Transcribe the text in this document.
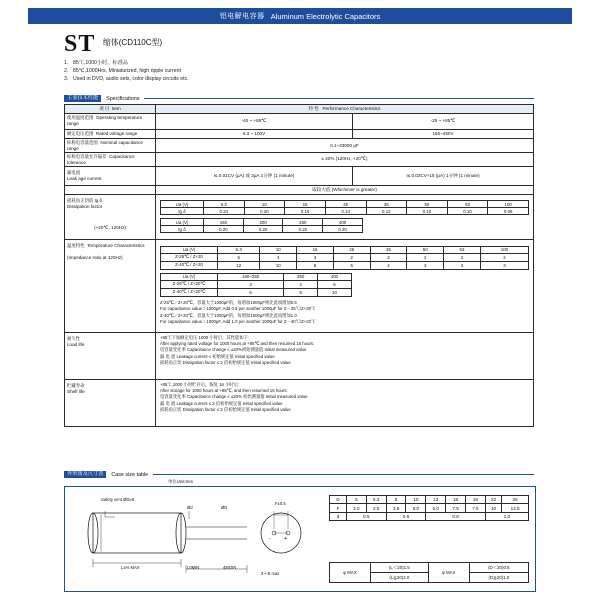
铝电解电容器 Aluminum Electrolytic Capacitors
ST 缩体(CD110C型)
1. 85℃,1000小时。标准品
2. 85℃,1000Hrs, Miniaturized, high ripple current
3. Used in DVD, audio sets, color display circuits etc.
主要技术性能	Specifications
项 目 Item	特 性 Performance Characteristics
使用温度范围 Operating temperature range	-40 ~ +85℃	-25 ~ +85℃
额定电压范围 Rated voltage range	6.3 ~ 100V	160~450V
标称电容量范围 Nominal capacitance range	0.1~33000 μF
标称电容量允许偏差 Capacitance tolerance	± 20% (120Hz, +20℃)

漏电流
Leak age current
	I≤ 0.01CV (μA) 或 3μA 1分钟 (1 minute)	I≤ 0.02CV+15 (μA) 1分钟 (1 minute)
	取较大值 (Whichever is greater)

损耗角正切值 tg δ
Dissipation factor
(+20℃, 120Hz)

Ua (V)	6.3	10	16	25	35	50	63	100
tg δ	0.24	0.20	0.16	0.14	0.12	0.10	0.10	0.08
Ua (V)	160	200	250	400
tg δ	0.20	0.20	0.20	0.20

温度特性 Temperature Characteristics
(Impedance ratio at 120Hz)

Ua (V)	6.3	10	16	25	35	50	63	100
Z-25℃ / Z+20	5	4	3	2	2	2	2	2
Z-40℃ / Z+20	12	10	8	5	4	3	3	3
Ua (V)	160~250	250	400
Z-25℃ / Z+20℃	3	4	6
Z-40℃ / Z+20℃	6	8	10
Z-25℃／Z+20℃，容量大于1000μF的，每增加1000μF则比此项增加0.5
For capacitance value＞1000μF, Add 0.5 per another 1000μF for Z－25℃/Z+20℃
Z-40℃／Z+20℃，容量大于1000μF的，每增加1000μF则比此项增加1.0
For capacitance value＞1000μF, Add 1.0 per another 1000μF for Z－40℃/Z+20℃

耐久性
Load life

+85℃下加额定电压 1000 小时后，其性能如下：
After applying rated voltage for 1000 hours at +85℃ and then resumed 16 hours:
电容量变化率 Capacitance change ≤ ±20%初始测量值 Initial measured value
漏 电 流 Leakage current ≤ 初始规定值 Initial specified value
损耗角正切 Dissipation factor ≤ 2 倍初始规定值 Initial specified value

贮藏寿命
Shelf life

+85℃,1000 小时贮存后，恢复 16 小时后：
After storage for 1000 hours at +85℃, and then resumed 16 hours:
电容量变化率 Capacitance change ≤ ±20% 初始测量值 Initial measured value
漏 电 流 Leakage current ≤ 2 倍初始规定值 Initial specified value
损耗角正切 Dissipation factor ≤ 2 倍初始规定值 Initial specified value
外形图及尺寸表	Case size table
单位Unit:mm
-	+
Safety vent ØD≥8
Ød	ØD
F±0.5
L±% MAX	L0MIN	4MOIN
3＋B max
D	5	6.3	8	10	13	16	18	22	25
F	2.0	2.5	3.5	5.0	5.0	7.5	7.5	10	12.5
d	0.5		0.6		0.8			1.0	
φ MAX	(L＜20)1.5	φ MAX	(D＜20)0.5
	(L≧20)2.0		(D≧20)1.0
